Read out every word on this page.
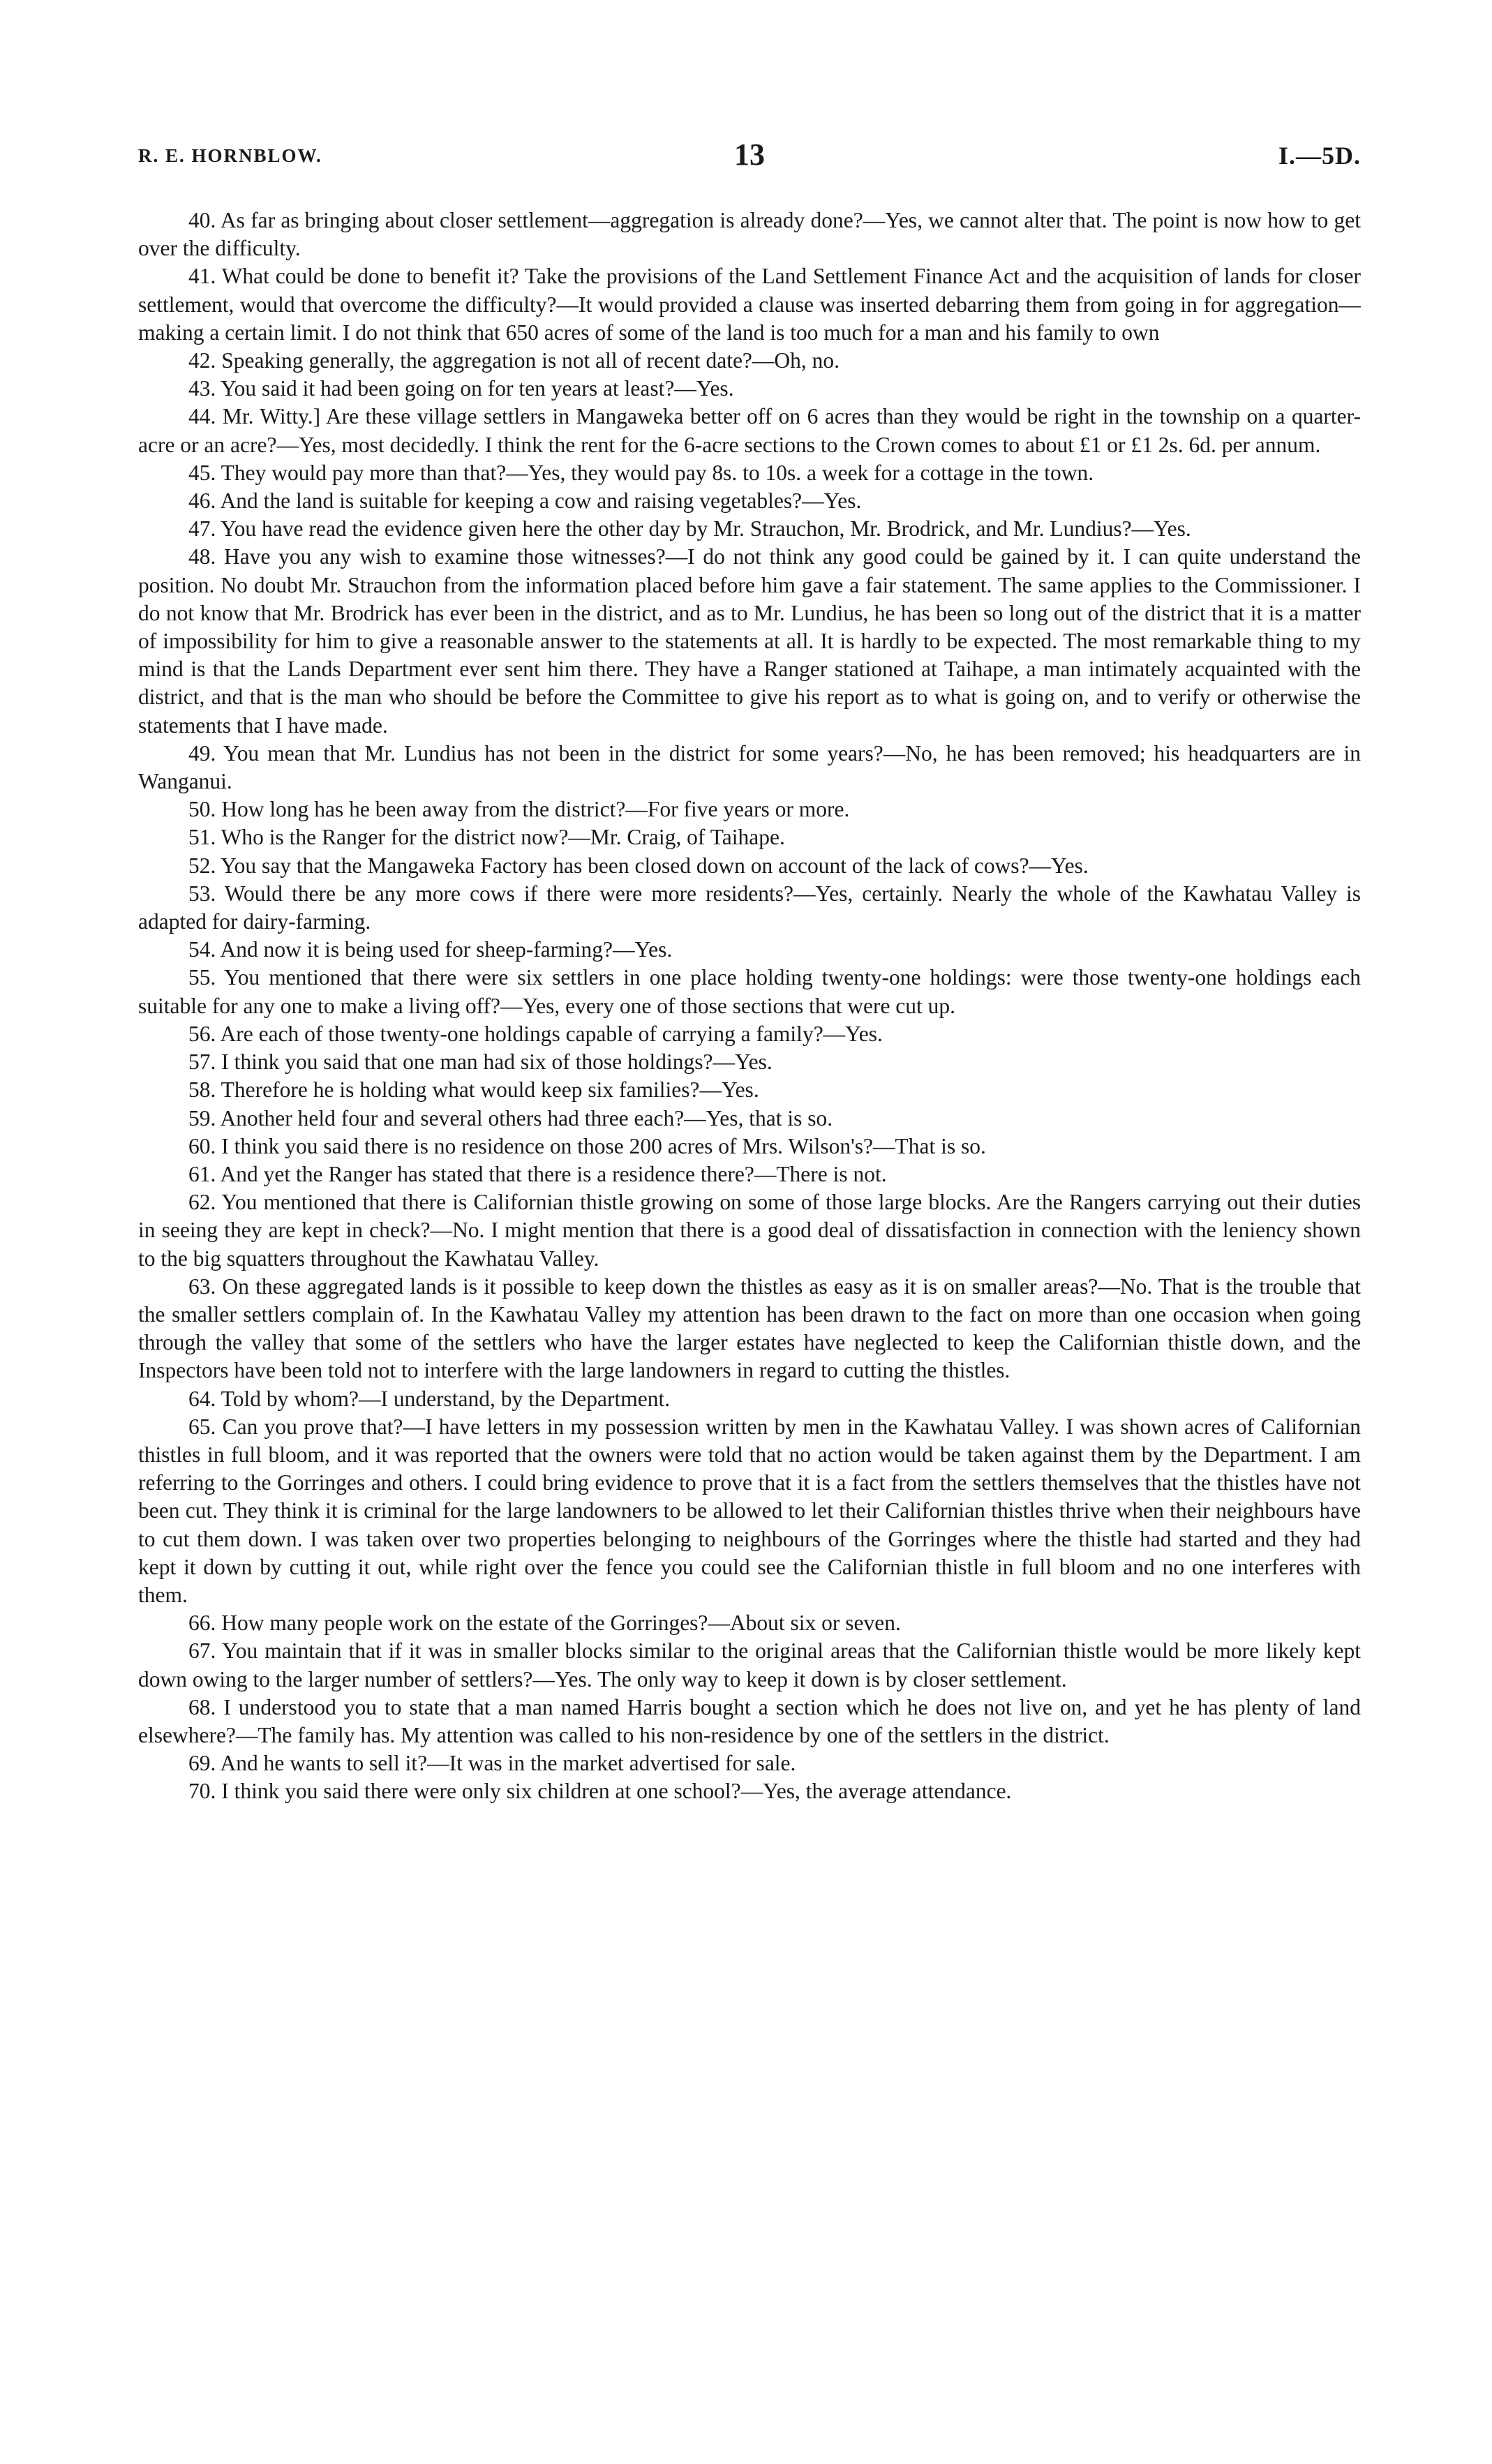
R. E. HORNBLOW.	13	I.—5D.

40. As far as bringing about closer settlement—aggregation is already done?—Yes, we cannot alter that. The point is now how to get over the difficulty.

41. What could be done to benefit it? Take the provisions of the Land Settlement Finance Act and the acquisition of lands for closer settlement, would that overcome the difficulty?—It would provided a clause was inserted debarring them from going in for aggregation—making a certain limit. I do not think that 650 acres of some of the land is too much for a man and his family to own

42. Speaking generally, the aggregation is not all of recent date?—Oh, no.

43. You said it had been going on for ten years at least?—Yes.

44. Mr. Witty.] Are these village settlers in Mangaweka better off on 6 acres than they would be right in the township on a quarter-acre or an acre?—Yes, most decidedly. I think the rent for the 6-acre sections to the Crown comes to about £1 or £1 2s. 6d. per annum.

45. They would pay more than that?—Yes, they would pay 8s. to 10s. a week for a cottage in the town.

46. And the land is suitable for keeping a cow and raising vegetables?—Yes.

47. You have read the evidence given here the other day by Mr. Strauchon, Mr. Brodrick, and Mr. Lundius?—Yes.

48. Have you any wish to examine those witnesses?—I do not think any good could be gained by it. I can quite understand the position. No doubt Mr. Strauchon from the information placed before him gave a fair statement. The same applies to the Commissioner. I do not know that Mr. Brodrick has ever been in the district, and as to Mr. Lundius, he has been so long out of the district that it is a matter of impossibility for him to give a reasonable answer to the statements at all. It is hardly to be expected. The most remarkable thing to my mind is that the Lands Department ever sent him there. They have a Ranger stationed at Taihape, a man intimately acquainted with the district, and that is the man who should be before the Committee to give his report as to what is going on, and to verify or otherwise the statements that I have made.

49. You mean that Mr. Lundius has not been in the district for some years?—No, he has been removed; his headquarters are in Wanganui.

50. How long has he been away from the district?—For five years or more.

51. Who is the Ranger for the district now?—Mr. Craig, of Taihape.

52. You say that the Mangaweka Factory has been closed down on account of the lack of cows?—Yes.

53. Would there be any more cows if there were more residents?—Yes, certainly. Nearly the whole of the Kawhatau Valley is adapted for dairy-farming.

54. And now it is being used for sheep-farming?—Yes.

55. You mentioned that there were six settlers in one place holding twenty-one holdings: were those twenty-one holdings each suitable for any one to make a living off?—Yes, every one of those sections that were cut up.

56. Are each of those twenty-one holdings capable of carrying a family?—Yes.

57. I think you said that one man had six of those holdings?—Yes.

58. Therefore he is holding what would keep six families?—Yes.

59. Another held four and several others had three each?—Yes, that is so.

60. I think you said there is no residence on those 200 acres of Mrs. Wilson's?—That is so.

61. And yet the Ranger has stated that there is a residence there?—There is not.

62. You mentioned that there is Californian thistle growing on some of those large blocks. Are the Rangers carrying out their duties in seeing they are kept in check?—No. I might mention that there is a good deal of dissatisfaction in connection with the leniency shown to the big squatters throughout the Kawhatau Valley.

63. On these aggregated lands is it possible to keep down the thistles as easy as it is on smaller areas?—No. That is the trouble that the smaller settlers complain of. In the Kawhatau Valley my attention has been drawn to the fact on more than one occasion when going through the valley that some of the settlers who have the larger estates have neglected to keep the Californian thistle down, and the Inspectors have been told not to interfere with the large landowners in regard to cutting the thistles.

64. Told by whom?—I understand, by the Department.

65. Can you prove that?—I have letters in my possession written by men in the Kawhatau Valley. I was shown acres of Californian thistles in full bloom, and it was reported that the owners were told that no action would be taken against them by the Department. I am referring to the Gorringes and others. I could bring evidence to prove that it is a fact from the settlers themselves that the thistles have not been cut. They think it is criminal for the large landowners to be allowed to let their Californian thistles thrive when their neighbours have to cut them down. I was taken over two properties belonging to neighbours of the Gorringes where the thistle had started and they had kept it down by cutting it out, while right over the fence you could see the Californian thistle in full bloom and no one interferes with them.

66. How many people work on the estate of the Gorringes?—About six or seven.

67. You maintain that if it was in smaller blocks similar to the original areas that the Californian thistle would be more likely kept down owing to the larger number of settlers?—Yes. The only way to keep it down is by closer settlement.

68. I understood you to state that a man named Harris bought a section which he does not live on, and yet he has plenty of land elsewhere?—The family has. My attention was called to his non-residence by one of the settlers in the district.

69. And he wants to sell it?—It was in the market advertised for sale.

70. I think you said there were only six children at one school?—Yes, the average attendance.
